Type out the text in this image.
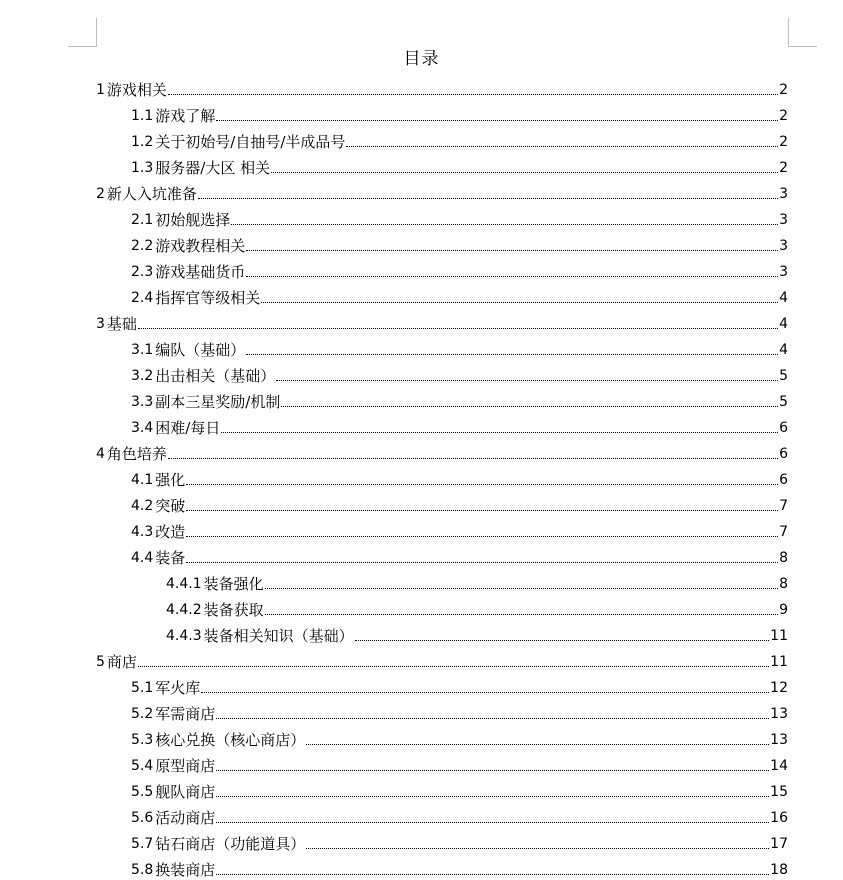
目录
1 游戏相关	2
1.1 游戏了解	2
1.2 关于初始号/自抽号/半成品号	2
1.3 服务器/大区 相关	2
2 新人入坑准备	3
2.1 初始舰选择	3
2.2 游戏教程相关	3
2.3 游戏基础货币	3
2.4 指挥官等级相关	4
3 基础	4
3.1 编队（基础）	4
3.2 出击相关（基础）	5
3.3 副本三星奖励/机制	5
3.4 困难/每日	6
4 角色培养	6
4.1 强化	6
4.2 突破	7
4.3 改造	7
4.4 装备	8
4.4.1 装备强化	8
4.4.2 装备获取	9
4.4.3 装备相关知识（基础）	11
5 商店	11
5.1 军火库	12
5.2 军需商店	13
5.3 核心兑换（核心商店）	13
5.4 原型商店	14
5.5 舰队商店	15
5.6 活动商店	16
5.7 钻石商店（功能道具）	17
5.8 换装商店	18
